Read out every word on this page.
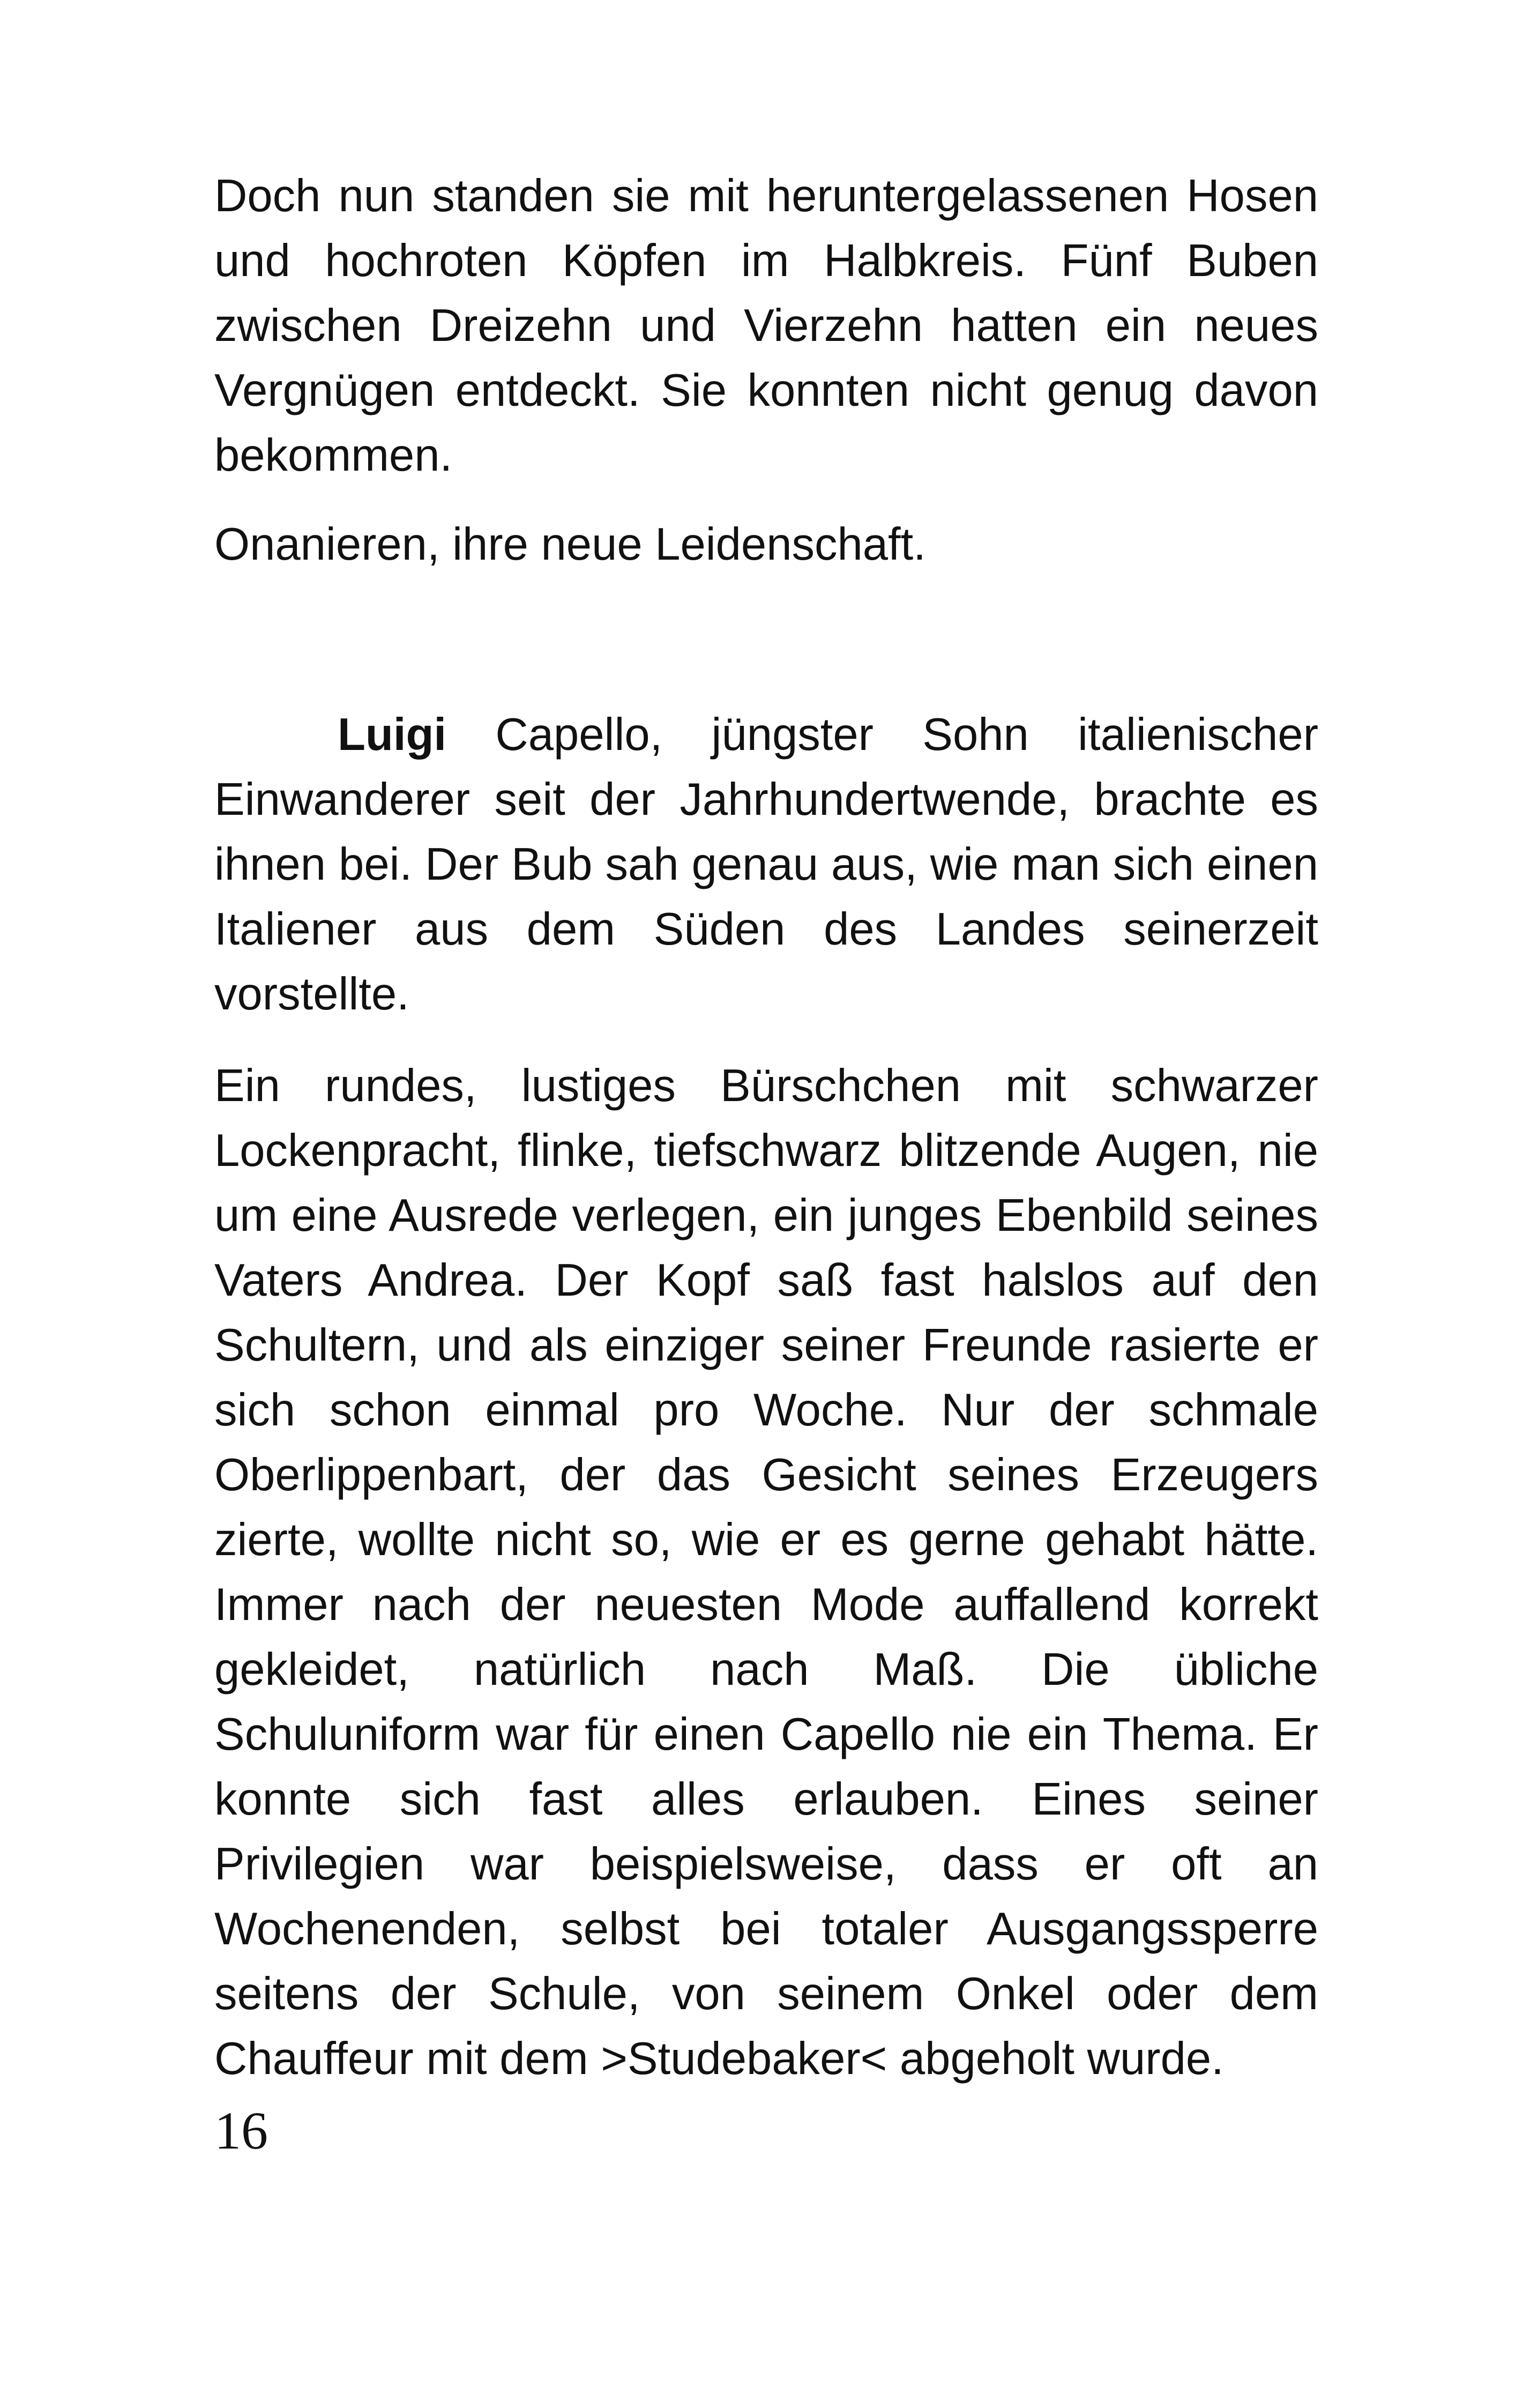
Doch nun standen sie mit heruntergelassenen Hosen und hochroten Köpfen im Halbkreis. Fünf Buben zwischen Dreizehn und Vierzehn hatten ein neues Vergnügen entdeckt. Sie konnten nicht genug davon bekommen.

Onanieren, ihre neue Leidenschaft.

Luigi Capello, jüngster Sohn italienischer Einwanderer seit der Jahrhundertwende, brachte es ihnen bei. Der Bub sah genau aus, wie man sich einen Italiener aus dem Süden des Landes seinerzeit vorstellte.

Ein rundes, lustiges Bürschchen mit schwarzer Lockenpracht, flinke, tiefschwarz blitzende Augen, nie um eine Ausrede verlegen, ein junges Ebenbild seines Vaters Andrea. Der Kopf saß fast halslos auf den Schultern, und als einziger seiner Freunde rasierte er sich schon einmal pro Woche. Nur der schmale Oberlippenbart, der das Gesicht seines Erzeugers zierte, wollte nicht so, wie er es gerne gehabt hätte. Immer nach der neuesten Mode auffallend korrekt gekleidet, natürlich nach Maß. Die übliche Schuluniform war für einen Capello nie ein Thema. Er konnte sich fast alles erlauben. Eines seiner Privilegien war beispielsweise, dass er oft an Wochenenden, selbst bei totaler Ausgangssperre seitens der Schule, von seinem Onkel oder dem Chauffeur mit dem >Studebaker< abgeholt wurde.

16
